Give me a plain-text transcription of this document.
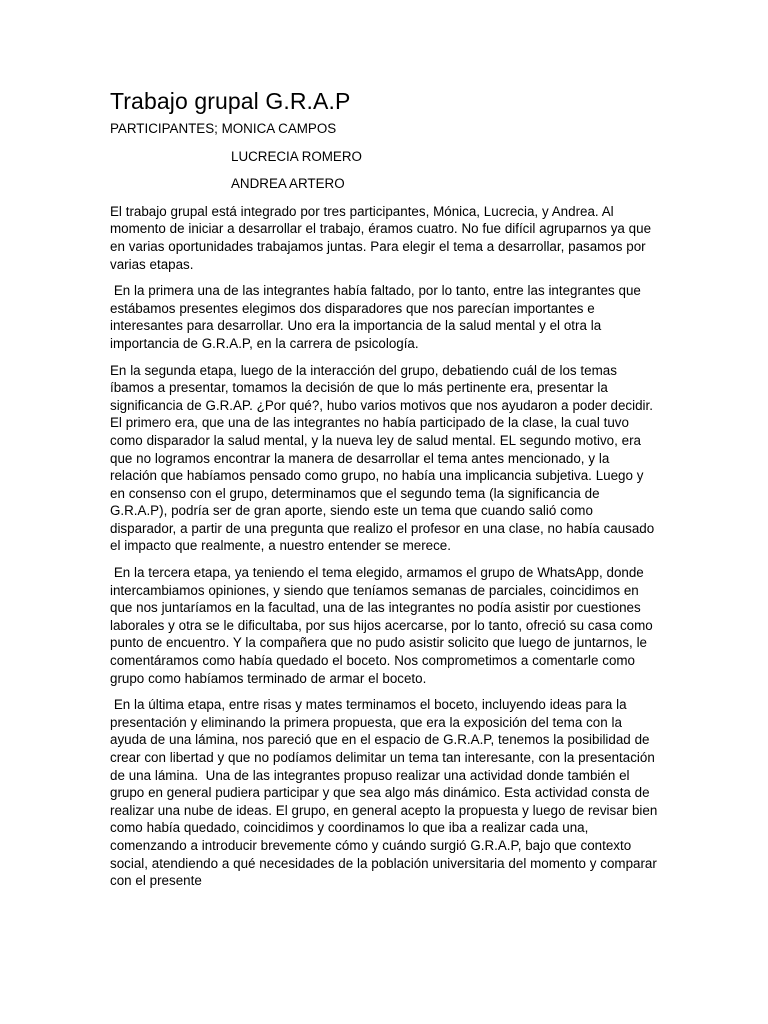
Trabajo grupal G.R.A.P
PARTICIPANTES; MONICA CAMPOS
LUCRECIA ROMERO
ANDREA ARTERO

El trabajo grupal está integrado por tres participantes, Mónica, Lucrecia, y Andrea. Al momento de iniciar a desarrollar el trabajo, éramos cuatro. No fue difícil agruparnos ya que en varias oportunidades trabajamos juntas. Para elegir el tema a desarrollar, pasamos por varias etapas.

En la primera una de las integrantes había faltado, por lo tanto, entre las integrantes que estábamos presentes elegimos dos disparadores que nos parecían importantes e interesantes para desarrollar. Uno era la importancia de la salud mental y el otra la importancia de G.R.A.P, en la carrera de psicología.

En la segunda etapa, luego de la interacción del grupo, debatiendo cuál de los temas íbamos a presentar, tomamos la decisión de que lo más pertinente era, presentar la significancia de G.R.AP. ¿Por qué?, hubo varios motivos que nos ayudaron a poder decidir. El primero era, que una de las integrantes no había participado de la clase, la cual tuvo como disparador la salud mental, y la nueva ley de salud mental. EL segundo motivo, era que no logramos encontrar la manera de desarrollar el tema antes mencionado, y la relación que habíamos pensado como grupo, no había una implicancia subjetiva. Luego y en consenso con el grupo, determinamos que el segundo tema (la significancia de G.R.A.P), podría ser de gran aporte, siendo este un tema que cuando salió como disparador, a partir de una pregunta que realizo el profesor en una clase, no había causado el impacto que realmente, a nuestro entender se merece.

En la tercera etapa, ya teniendo el tema elegido, armamos el grupo de WhatsApp, donde intercambiamos opiniones, y siendo que teníamos semanas de parciales, coincidimos en que nos juntaríamos en la facultad, una de las integrantes no podía asistir por cuestiones laborales y otra se le dificultaba, por sus hijos acercarse, por lo tanto, ofreció su casa como punto de encuentro. Y la compañera que no pudo asistir solicito que luego de juntarnos, le comentáramos como había quedado el boceto. Nos comprometimos a comentarle como grupo como habíamos terminado de armar el boceto.

En la última etapa, entre risas y mates terminamos el boceto, incluyendo ideas para la presentación y eliminando la primera propuesta, que era la exposición del tema con la ayuda de una lámina, nos pareció que en el espacio de G.R.A.P, tenemos la posibilidad de crear con libertad y que no podíamos delimitar un tema tan interesante, con la presentación de una lámina.  Una de las integrantes propuso realizar una actividad donde también el grupo en general pudiera participar y que sea algo más dinámico. Esta actividad consta de realizar una nube de ideas. El grupo, en general acepto la propuesta y luego de revisar bien como había quedado, coincidimos y coordinamos lo que iba a realizar cada una, comenzando a introducir brevemente cómo y cuándo surgió G.R.A.P, bajo que contexto social, atendiendo a qué necesidades de la población universitaria del momento y comparar con el presente
